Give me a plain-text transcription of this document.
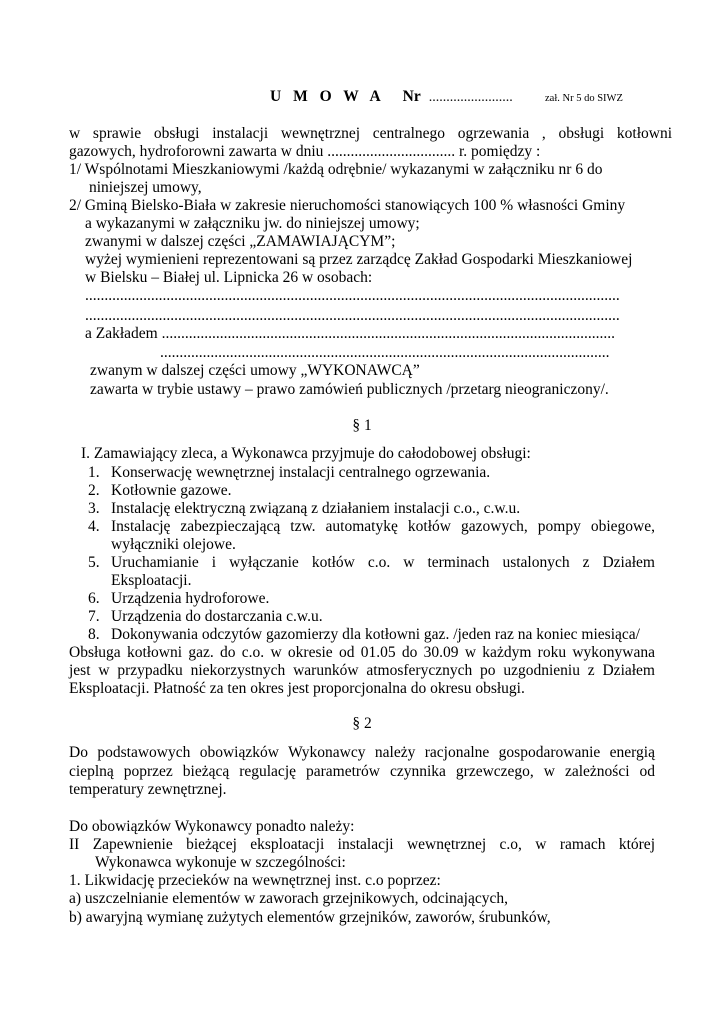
U M O W A Nr ........................	zał. Nr 5 do SIWZ
w sprawie obsługi instalacji wewnętrznej centralnego ogrzewania , obsługi kotłowni
gazowych, hydroforowni zawarta w dniu ................................. r. pomiędzy :
1/ Wspólnotami Mieszkaniowymi /każdą odrębnie/ wykazanymi w załączniku nr 6 do
niniejszej umowy,
2/ Gminą Bielsko-Biała w zakresie nieruchomości stanowiących 100 % własności Gminy
a wykazanymi w załączniku jw. do niniejszej umowy;
zwanymi w dalszej części „ZAMAWIAJĄCYM”;
wyżej wymienieni reprezentowani są przez zarządcę Zakład Gospodarki Mieszkaniowej
w Bielsku – Białej ul. Lipnicka 26 w osobach:
..........................................................................................................................................
..........................................................................................................................................
a Zakładem .....................................................................................................................
....................................................................................................................
zwanym w dalszej części umowy „WYKONAWCĄ”
zawarta w trybie ustawy – prawo zamówień publicznych /przetarg nieograniczony/.
§ 1
I. Zamawiający zleca, a Wykonawca przyjmuje do całodobowej obsługi:
1. Konserwację wewnętrznej instalacji centralnego ogrzewania.
2. Kotłownie gazowe.
3. Instalację elektryczną związaną z działaniem instalacji c.o., c.w.u.
4. Instalację zabezpieczającą tzw. automatykę kotłów gazowych, pompy obiegowe,
wyłączniki olejowe.
5. Uruchamianie i wyłączanie kotłów c.o. w terminach ustalonych z Działem
Eksploatacji.
6. Urządzenia hydroforowe.
7. Urządzenia do dostarczania c.w.u.
8. Dokonywania odczytów gazomierzy dla kotłowni gaz. /jeden raz na koniec miesiąca/
Obsługa kotłowni gaz. do c.o. w okresie od 01.05 do 30.09 w każdym roku wykonywana
jest w przypadku niekorzystnych warunków atmosferycznych po uzgodnieniu z Działem
Eksploatacji. Płatność za ten okres jest proporcjonalna do okresu obsługi.
§ 2
Do podstawowych obowiązków Wykonawcy należy racjonalne gospodarowanie energią
cieplną poprzez bieżącą regulację parametrów czynnika grzewczego, w zależności od
temperatury zewnętrznej.
Do obowiązków Wykonawcy ponadto należy:
II Zapewnienie bieżącej eksploatacji instalacji wewnętrznej c.o, w ramach której
Wykonawca wykonuje w szczególności:
1. Likwidację przecieków na wewnętrznej inst. c.o poprzez:
a) uszczelnianie elementów w zaworach grzejnikowych, odcinających,
b) awaryjną wymianę zużytych elementów grzejników, zaworów, śrubunków,
